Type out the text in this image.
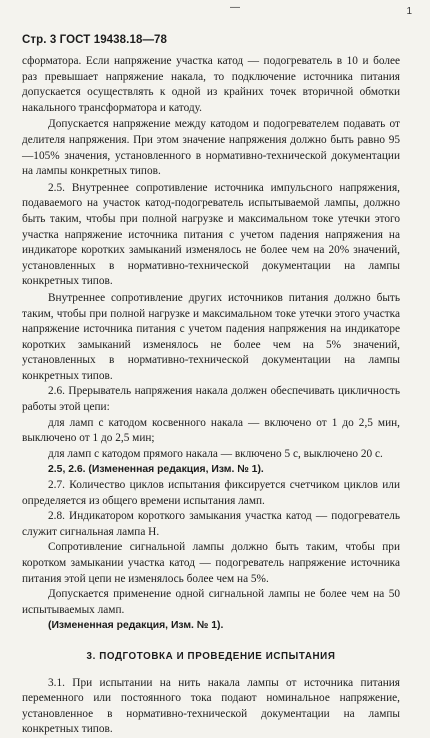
Стр. 3 ГОСТ 19438.18—78
1
—

сформатора. Если напряжение участка катод — подогреватель в 10 и более раз превышает напряжение накала, то подключение источника питания допускается осуществлять к одной из крайних точек вторичной обмотки накального трансформатора и катоду.

Допускается напряжение между катодом и подогревателем подавать от делителя напряжения. При этом значение напряжения должно быть равно 95—105% значения, установленного в нормативно-технической документации на лампы конкретных типов.

2.5. Внутреннее сопротивление источника импульсного напряжения, подаваемого на участок катод-подогреватель испытываемой лампы, должно быть таким, чтобы при полной нагрузке и максимальном токе утечки этого участка напряжение источника питания с учетом падения напряжения на индикаторе коротких замыканий изменялось не более чем на 20% значений, установленных в нормативно-технической документации на лампы конкретных типов.

Внутреннее сопротивление других источников питания должно быть таким, чтобы при полной нагрузке и максимальном токе утечки этого участка напряжение источника питания с учетом падения напряжения на индикаторе коротких замыканий изменялось не более чем на 5% значений, установленных в нормативно-технической документации на лампы конкретных типов.

2.6. Прерыватель напряжения накала должен обеспечивать цикличность работы этой цепи:

для ламп с катодом косвенного накала — включено от 1 до 2,5 мин, выключено от 1 до 2,5 мин;

для ламп с катодом прямого накала — включено 5 с, выключено 20 с.

2.5, 2.6. (Измененная редакция, Изм. № 1).

2.7. Количество циклов испытания фиксируется счетчиком циклов или определяется из общего времени испытания ламп.

2.8. Индикатором короткого замыкания участка катод — подогреватель служит сигнальная лампа Н.

Сопротивление сигнальной лампы должно быть таким, чтобы при коротком замыкании участка катод — подогреватель напряжение источника питания этой цепи не изменялось более чем на 5%.

Допускается применение одной сигнальной лампы не более чем на 50 испытываемых ламп.

(Измененная редакция, Изм. № 1).

3. ПОДГОТОВКА И ПРОВЕДЕНИЕ ИСПЫТАНИЯ

3.1. При испытании на нить накала лампы от источника питания переменного или постоянного тока подают номинальное напряжение, установленное в нормативно-технической документации на лампы конкретных типов.
